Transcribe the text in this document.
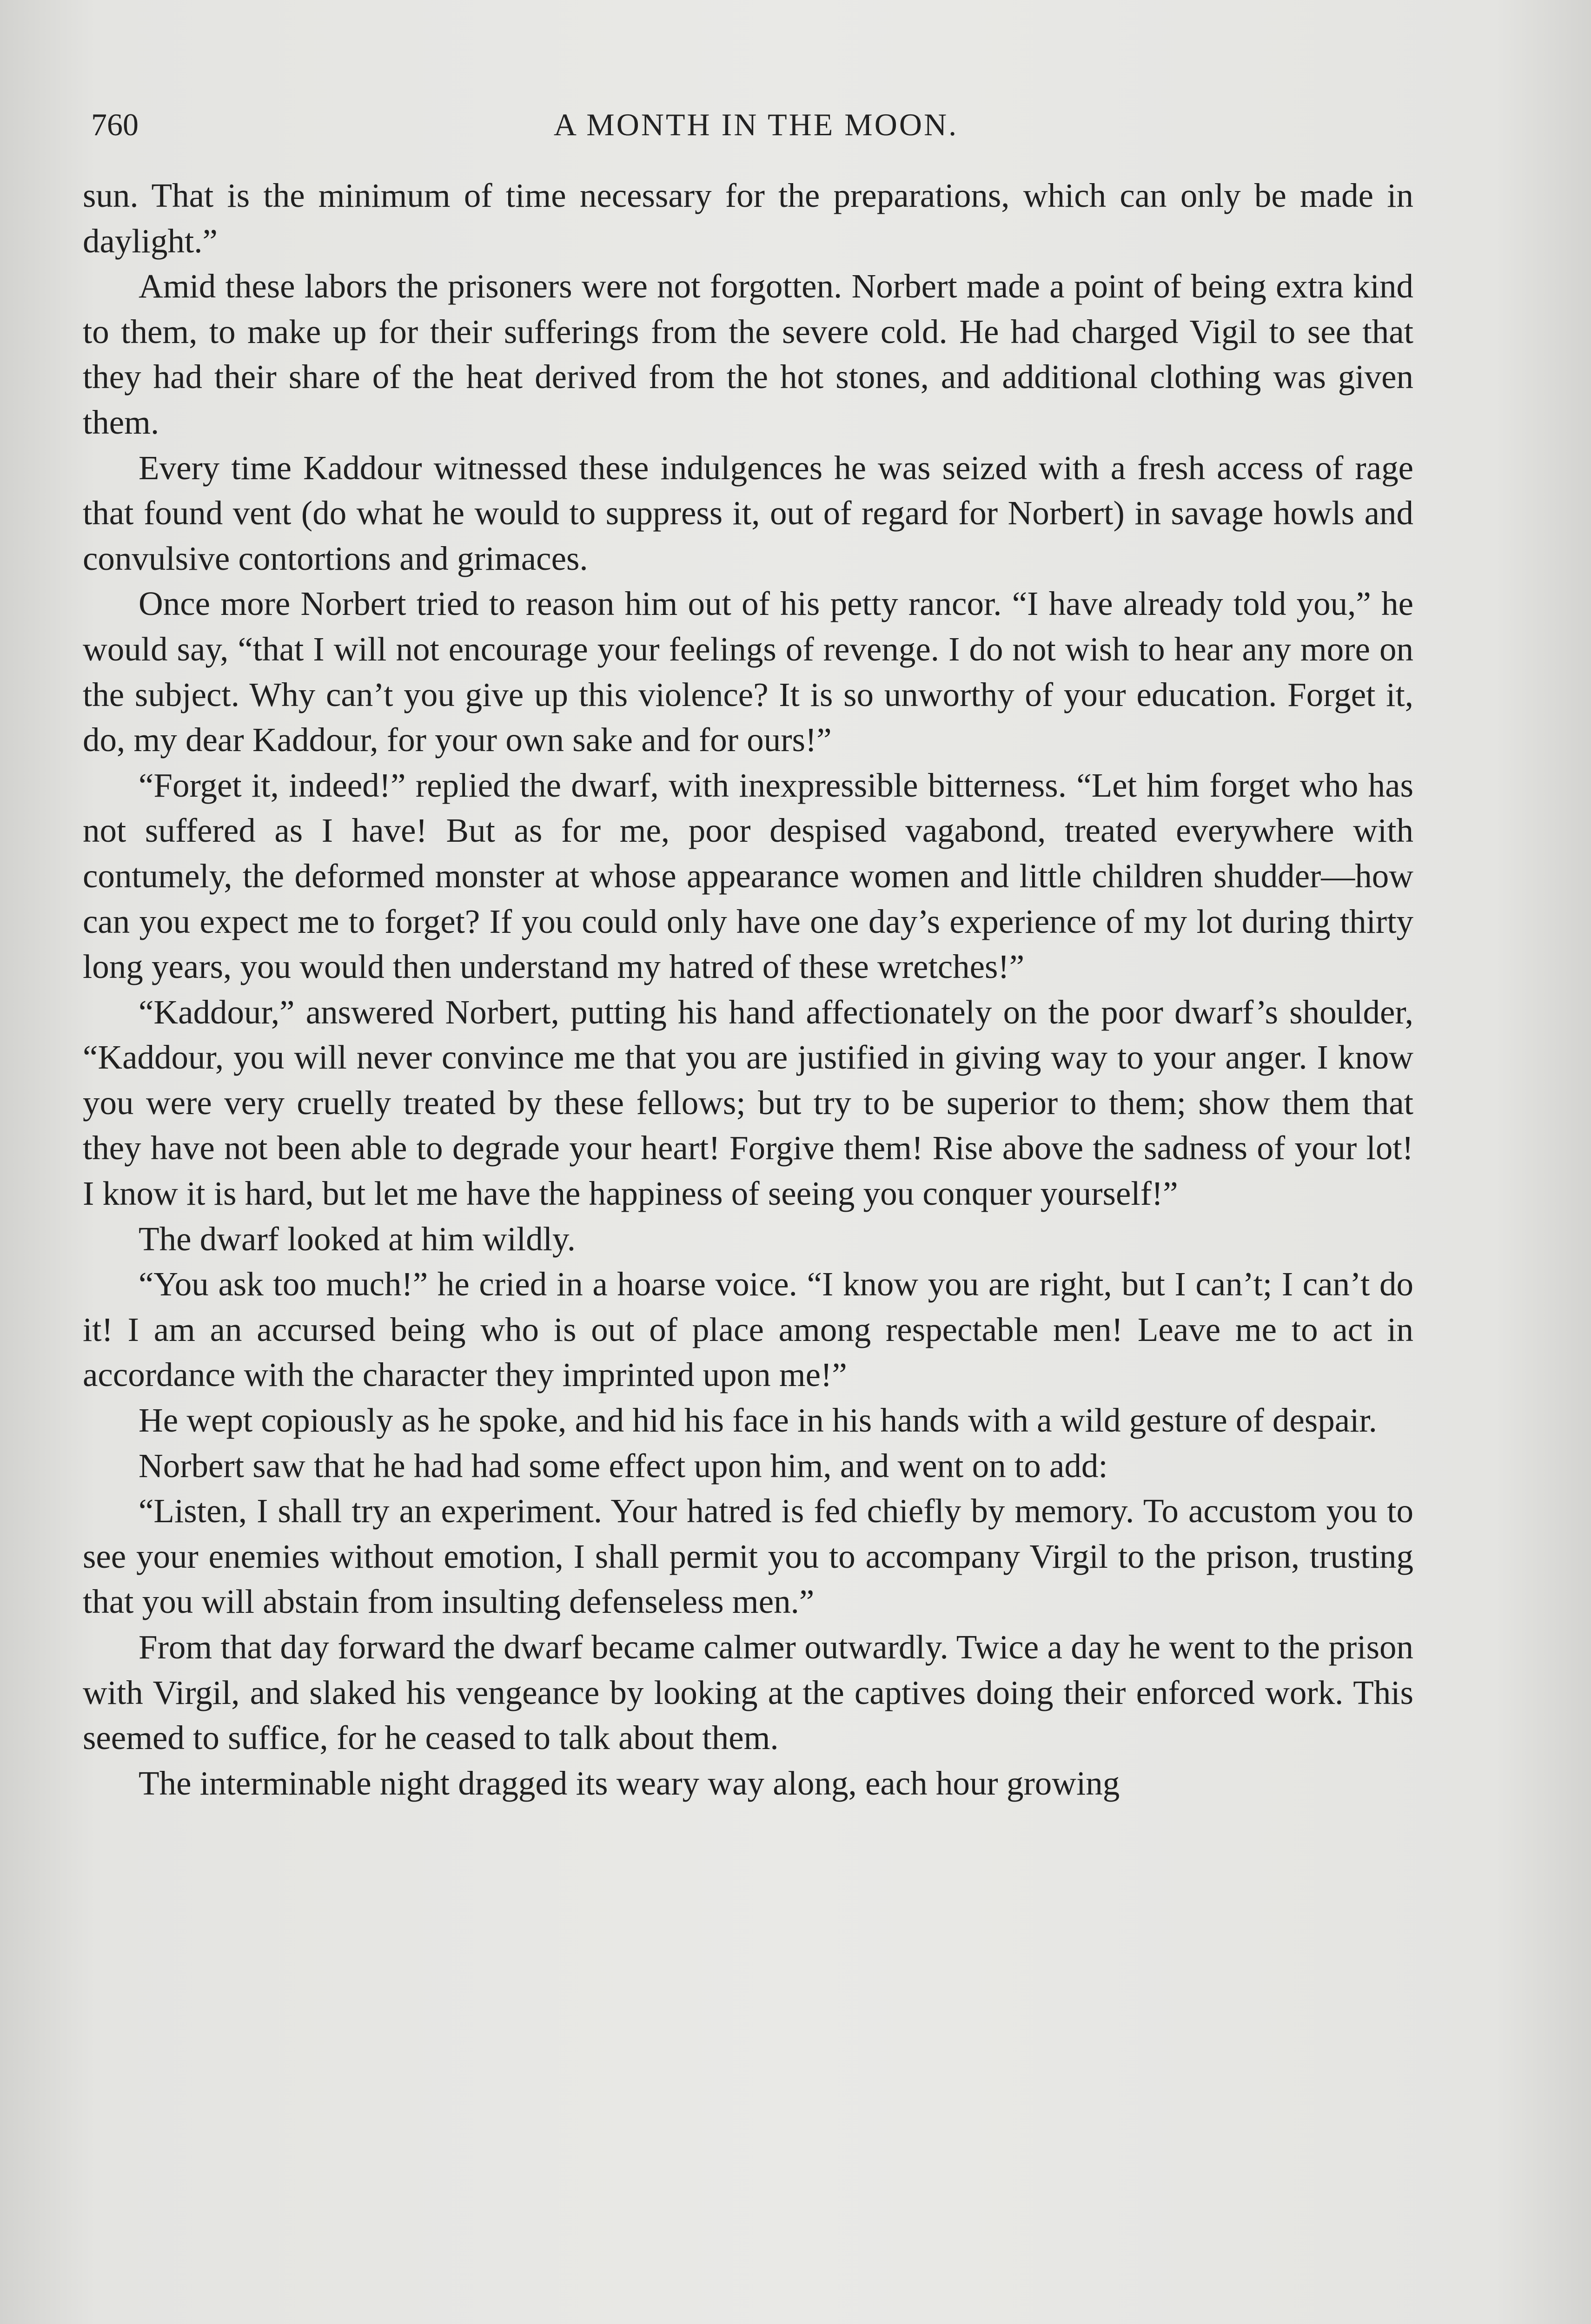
760	A MONTH IN THE MOON.

sun. That is the minimum of time necessary for the preparations, which can only be made in daylight.”

Amid these labors the prisoners were not forgotten. Norbert made a point of being extra kind to them, to make up for their sufferings from the severe cold. He had charged Vigil to see that they had their share of the heat derived from the hot stones, and additional clothing was given them.

Every time Kaddour witnessed these indulgences he was seized with a fresh access of rage that found vent (do what he would to suppress it, out of regard for Norbert) in savage howls and convulsive contortions and grimaces.

Once more Norbert tried to reason him out of his petty rancor. “I have already told you,” he would say, “that I will not encourage your feelings of revenge. I do not wish to hear any more on the subject. Why can’t you give up this violence? It is so unworthy of your education. Forget it, do, my dear Kaddour, for your own sake and for ours!”

“Forget it, indeed!” replied the dwarf, with inexpressible bitterness. “Let him forget who has not suffered as I have! But as for me, poor despised vagabond, treated everywhere with contumely, the deformed monster at whose appearance women and little children shudder—how can you expect me to forget? If you could only have one day’s experience of my lot during thirty long years, you would then understand my hatred of these wretches!”

“Kaddour,” answered Norbert, putting his hand affectionately on the poor dwarf’s shoulder, “Kaddour, you will never convince me that you are justified in giving way to your anger. I know you were very cruelly treated by these fellows; but try to be superior to them; show them that they have not been able to degrade your heart! Forgive them! Rise above the sadness of your lot! I know it is hard, but let me have the happiness of seeing you conquer yourself!”

The dwarf looked at him wildly.

“You ask too much!” he cried in a hoarse voice. “I know you are right, but I can’t; I can’t do it! I am an accursed being who is out of place among respectable men! Leave me to act in accordance with the character they imprinted upon me!”

He wept copiously as he spoke, and hid his face in his hands with a wild gesture of despair.

Norbert saw that he had had some effect upon him, and went on to add:

“Listen, I shall try an experiment. Your hatred is fed chiefly by memory. To accustom you to see your enemies without emotion, I shall permit you to accompany Virgil to the prison, trusting that you will abstain from insulting defenseless men.”

From that day forward the dwarf became calmer outwardly. Twice a day he went to the prison with Virgil, and slaked his vengeance by looking at the captives doing their enforced work. This seemed to suffice, for he ceased to talk about them.

The interminable night dragged its weary way along, each hour growing
